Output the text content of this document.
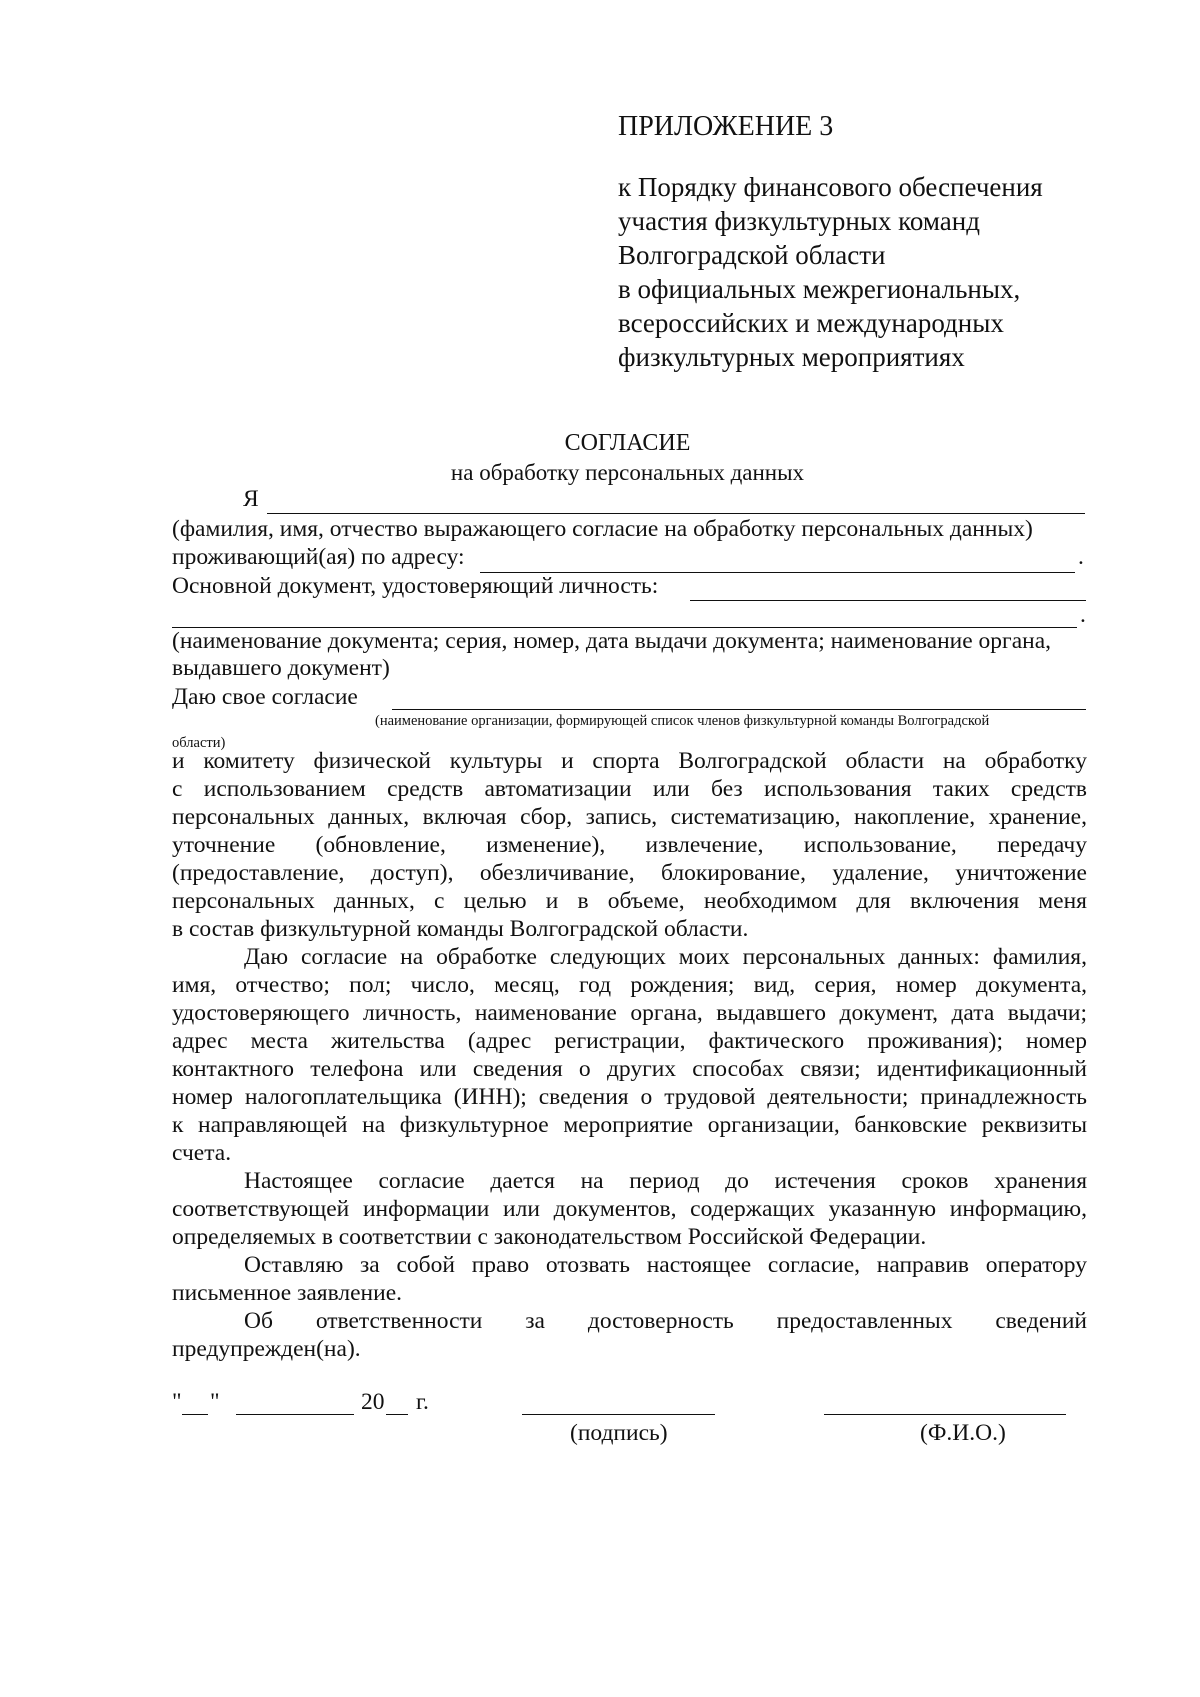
ПРИЛОЖЕНИЕ 3
к Порядку финансового обеспечения
участия физкультурных команд
Волгоградской области
в официальных межрегиональных,
всероссийских и международных
физкультурных мероприятиях
СОГЛАСИЕ
на обработку персональных данных
Я
(фамилия, имя, отчество выражающего согласие на обработку персональных данных)
проживающий(ая) по адресу:	.
Основной документ, удостоверяющий личность:
.
(наименование документа; серия, номер, дата выдачи документа; наименование органа,
выдавшего документ)
Даю свое согласие
(наименование организации, формирующей список членов физкультурной команды Волгоградской
области)
и комитету физической культуры и спорта Волгоградской области на обработку
с использованием средств автоматизации или без использования таких средств
персональных данных, включая сбор, запись, систематизацию, накопление, хранение,
уточнение (обновление, изменение), извлечение, использование, передачу
(предоставление, доступ), обезличивание, блокирование, удаление, уничтожение
персональных данных, с целью и в объеме, необходимом для включения меня
в состав физкультурной команды Волгоградской области.
Даю согласие на обработке следующих моих персональных данных: фамилия,
имя, отчество; пол; число, месяц, год рождения; вид, серия, номер документа,
удостоверяющего личность, наименование органа, выдавшего документ, дата выдачи;
адрес места жительства (адрес регистрации, фактического проживания); номер
контактного телефона или сведения о других способах связи; идентификационный
номер налогоплательщика (ИНН); сведения о трудовой деятельности; принадлежность
к направляющей на физкультурное мероприятие организации, банковские реквизиты
счета.
Настоящее согласие дается на период до истечения сроков хранения
соответствующей информации или документов, содержащих указанную информацию,
определяемых в соответствии с законодательством Российской Федерации.
Оставляю за собой право отозвать настоящее согласие, направив оператору
письменное заявление.
Об ответственности за достоверность предоставленных сведений
предупрежден(на).
" "	20 г.
(подпись)	(Ф.И.О.)
